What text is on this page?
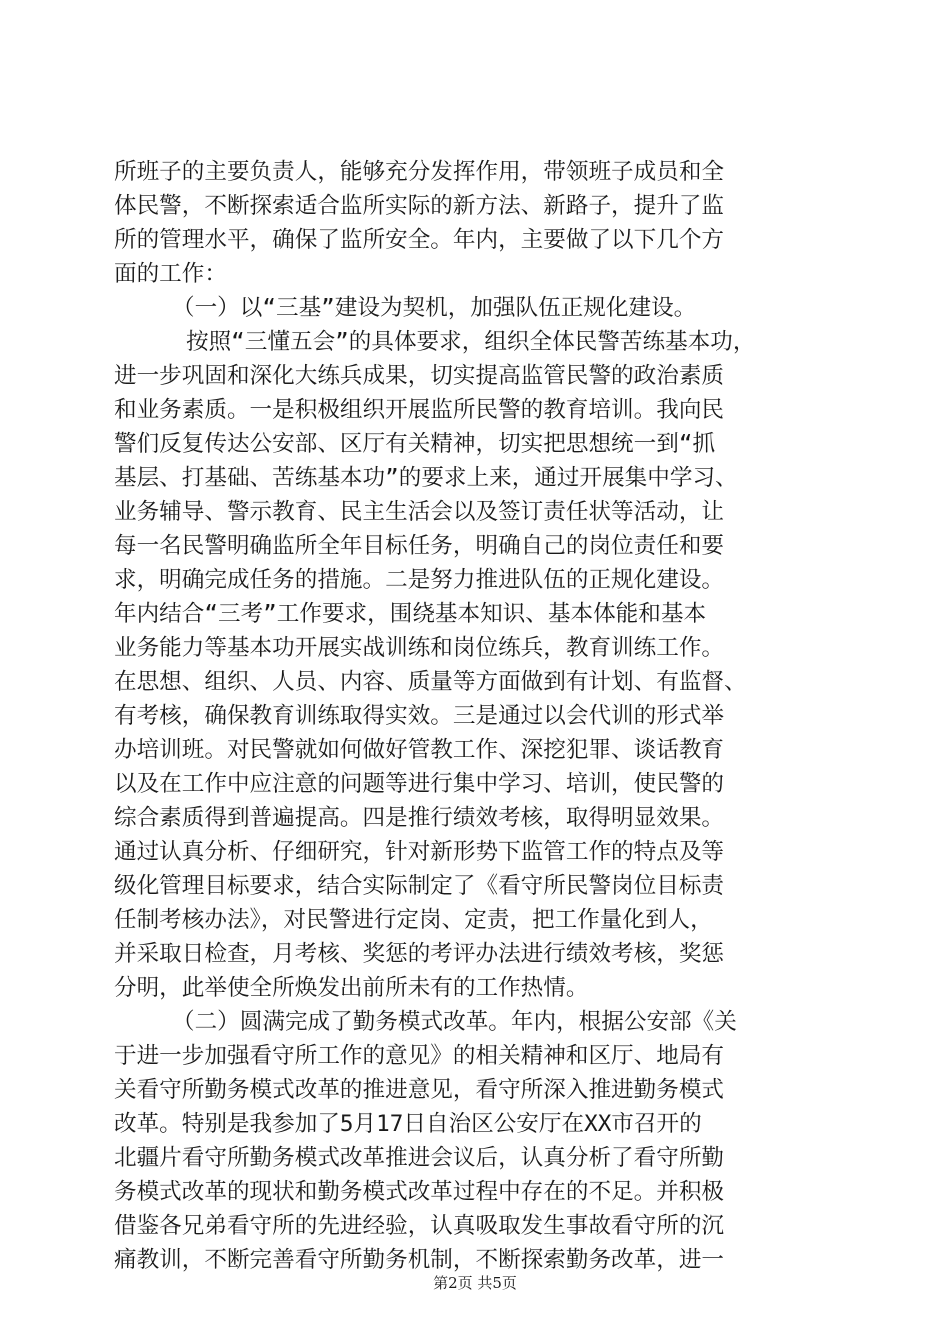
所班子的主要负责人，能够充分发挥作用，带领班子成员和全
体民警，不断探索适合监所实际的新方法、新路子，提升了监
所的管理水平，确保了监所安全。年内，主要做了以下几个方
面的工作：
（一）以“三基”建设为契机，加强队伍正规化建设。
按照“三懂五会”的具体要求，组织全体民警苦练基本功，
进一步巩固和深化大练兵成果，切实提高监管民警的政治素质
和业务素质。一是积极组织开展监所民警的教育培训。我向民
警们反复传达公安部、区厅有关精神，切实把思想统一到“抓
基层、打基础、苦练基本功”的要求上来，通过开展集中学习、
业务辅导、警示教育、民主生活会以及签订责任状等活动，让
每一名民警明确监所全年目标任务，明确自己的岗位责任和要
求，明确完成任务的措施。二是努力推进队伍的正规化建设。
年内结合“三考”工作要求，围绕基本知识、基本体能和基本
业务能力等基本功开展实战训练和岗位练兵，教育训练工作。
在思想、组织、人员、内容、质量等方面做到有计划、有监督、
有考核，确保教育训练取得实效。三是通过以会代训的形式举
办培训班。对民警就如何做好管教工作、深挖犯罪、谈话教育
以及在工作中应注意的问题等进行集中学习、培训，使民警的
综合素质得到普遍提高。四是推行绩效考核，取得明显效果。
通过认真分析、仔细研究，针对新形势下监管工作的特点及等
级化管理目标要求，结合实际制定了《看守所民警岗位目标责
任制考核办法》，对民警进行定岗、定责，把工作量化到人，
并采取日检查，月考核、奖惩的考评办法进行绩效考核，奖惩
分明，此举使全所焕发出前所未有的工作热情。
（二）圆满完成了勤务模式改革。年内，根据公安部《关
于进一步加强看守所工作的意见》的相关精神和区厅、地局有
关看守所勤务模式改革的推进意见，看守所深入推进勤务模式
改革。特别是我参加了5月17日自治区公安厅在XX市召开的
北疆片看守所勤务模式改革推进会议后，认真分析了看守所勤
务模式改革的现状和勤务模式改革过程中存在的不足。并积极
借鉴各兄弟看守所的先进经验，认真吸取发生事故看守所的沉
痛教训，不断完善看守所勤务机制，不断探索勤务改革，进一
第2页 共5页
